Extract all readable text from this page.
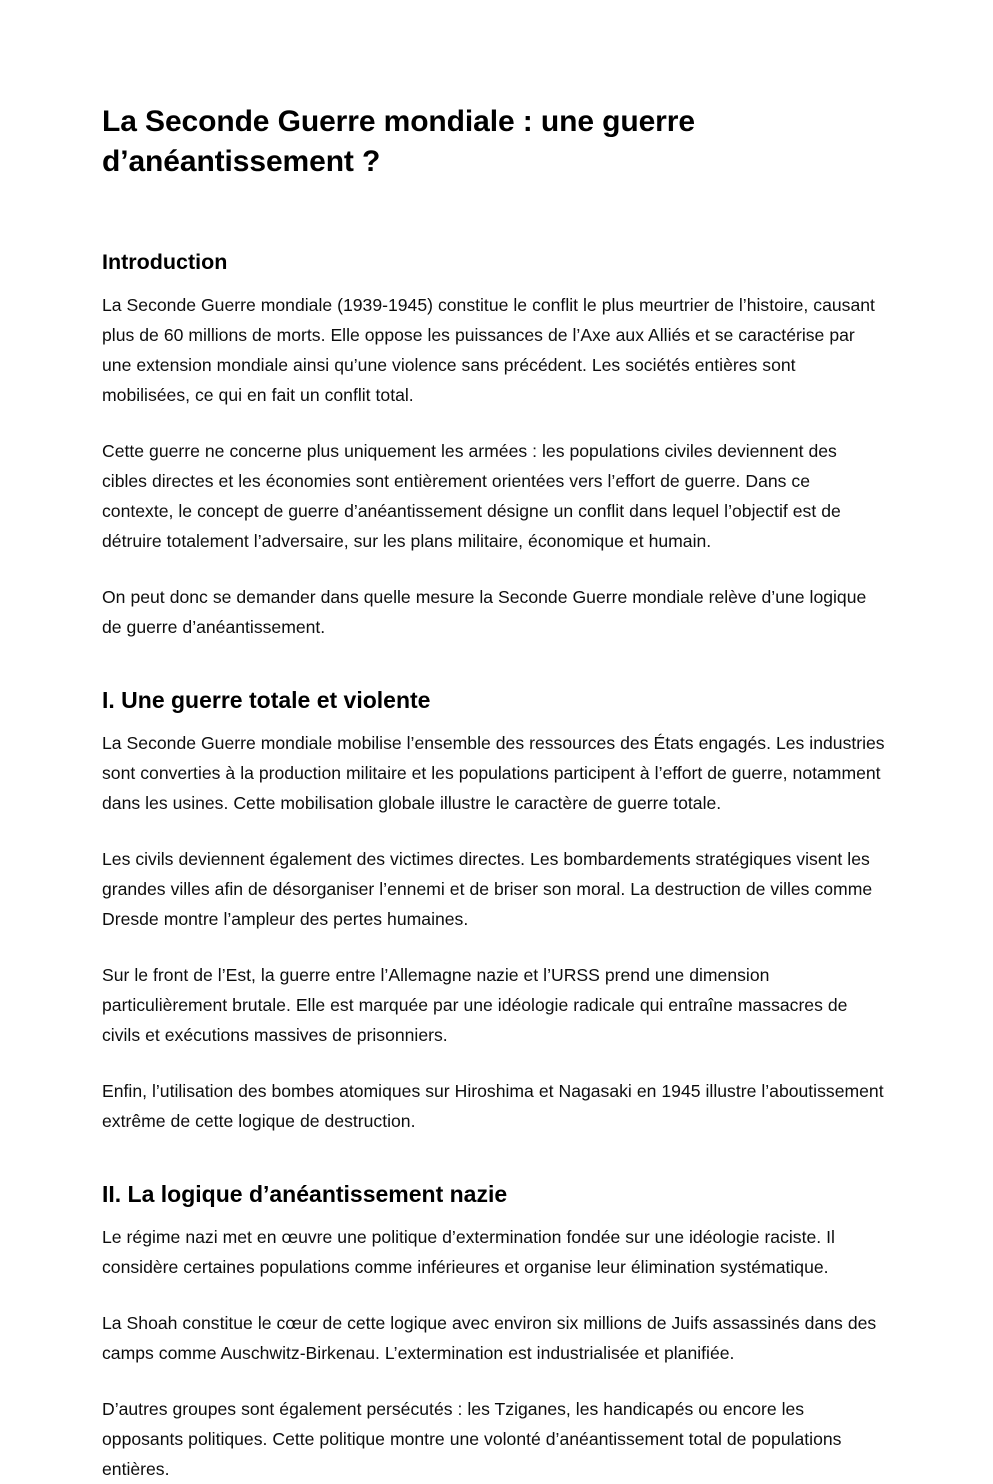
La Seconde Guerre mondiale : une guerre d’anéantissement ?
Introduction

La Seconde Guerre mondiale (1939-1945) constitue le conflit le plus meurtrier de l’histoire, causant plus de 60 millions de morts. Elle oppose les puissances de l’Axe aux Alliés et se caractérise par une extension mondiale ainsi qu’une violence sans précédent. Les sociétés entières sont mobilisées, ce qui en fait un conflit total.

Cette guerre ne concerne plus uniquement les armées : les populations civiles deviennent des cibles directes et les économies sont entièrement orientées vers l’effort de guerre. Dans ce contexte, le concept de guerre d’anéantissement désigne un conflit dans lequel l’objectif est de détruire totalement l’adversaire, sur les plans militaire, économique et humain.

On peut donc se demander dans quelle mesure la Seconde Guerre mondiale relève d’une logique de guerre d’anéantissement.

I. Une guerre totale et violente

La Seconde Guerre mondiale mobilise l’ensemble des ressources des États engagés. Les industries sont converties à la production militaire et les populations participent à l’effort de guerre, notamment dans les usines. Cette mobilisation globale illustre le caractère de guerre totale.

Les civils deviennent également des victimes directes. Les bombardements stratégiques visent les grandes villes afin de désorganiser l’ennemi et de briser son moral. La destruction de villes comme Dresde montre l’ampleur des pertes humaines.

Sur le front de l’Est, la guerre entre l’Allemagne nazie et l’URSS prend une dimension particulièrement brutale. Elle est marquée par une idéologie radicale qui entraîne massacres de civils et exécutions massives de prisonniers.

Enfin, l’utilisation des bombes atomiques sur Hiroshima et Nagasaki en 1945 illustre l’aboutissement extrême de cette logique de destruction.

II. La logique d’anéantissement nazie

Le régime nazi met en œuvre une politique d’extermination fondée sur une idéologie raciste. Il considère certaines populations comme inférieures et organise leur élimination systématique.

La Shoah constitue le cœur de cette logique avec environ six millions de Juifs assassinés dans des camps comme Auschwitz-Birkenau. L’extermination est industrialisée et planifiée.

D’autres groupes sont également persécutés : les Tziganes, les handicapés ou encore les opposants politiques. Cette politique montre une volonté d’anéantissement total de populations entières.
